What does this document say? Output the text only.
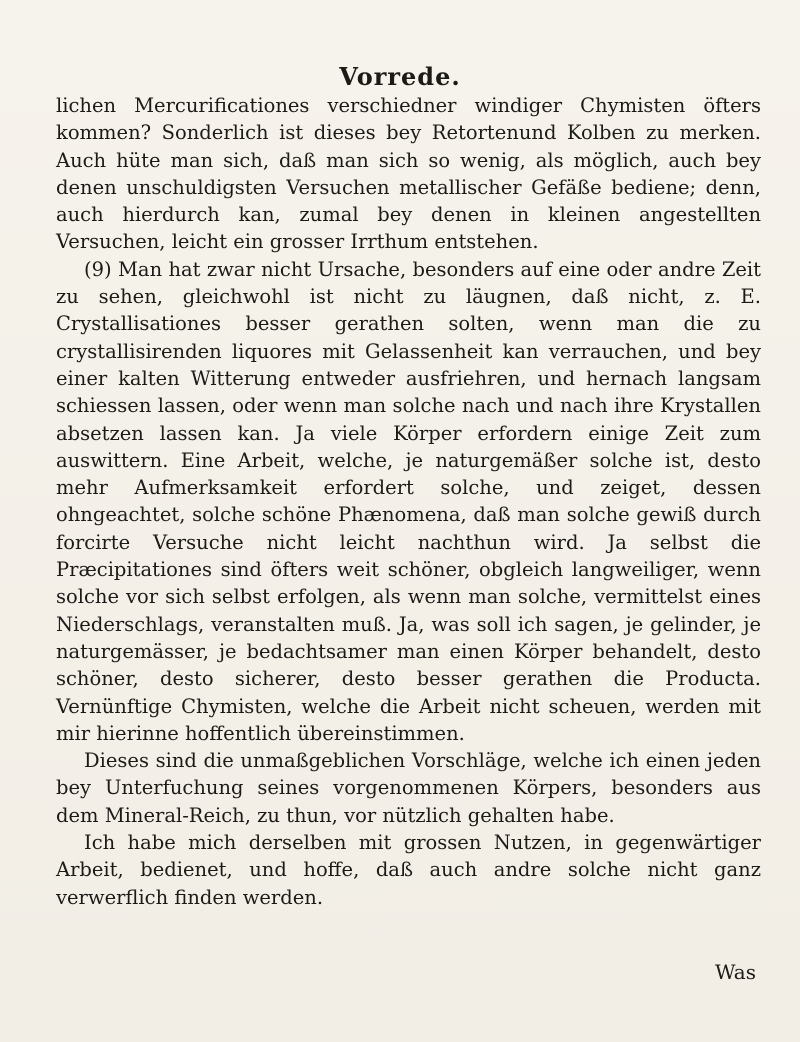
Vorrede.

lichen Mercurificationes verschiedner windiger Chymisten öfters kommen? Sonderlich ist dieses bey Retortenund Kolben zu merken. Auch hüte man sich, daß man sich so wenig, als möglich, auch bey denen unschuldigsten Versuchen metallischer Gefäße bediene; denn, auch hierdurch kan, zumal bey denen in kleinen angestellten Versuchen, leicht ein grosser Irrthum entstehen.

(9) Man hat zwar nicht Ursache, besonders auf eine oder andre Zeit zu sehen, gleichwohl ist nicht zu läugnen, daß nicht, z. E. Crystallisationes besser gerathen solten, wenn man die zu crystallisirenden liquores mit Gelassenheit kan verrauchen, und bey einer kalten Witterung entweder ausfriehren, und hernach langsam schiessen lassen, oder wenn man solche nach und nach ihre Krystallen absetzen lassen kan. Ja viele Körper erfordern einige Zeit zum auswittern. Eine Arbeit, welche, je naturgemäßer solche ist, desto mehr Aufmerksamkeit erfordert solche, und zeiget, dessen ohngeachtet, solche schöne Phænomena, daß man solche gewiß durch forcirte Versuche nicht leicht nachthun wird. Ja selbst die Præcipitationes sind öfters weit schöner, obgleich langweiliger, wenn solche vor sich selbst erfolgen, als wenn man solche, vermittelst eines Niederschlags, veranstalten muß. Ja, was soll ich sagen, je gelinder, je naturgemässer, je bedachtsamer man einen Körper behandelt, desto schöner, desto sicherer, desto besser gerathen die Producta. Vernünftige Chymisten, welche die Arbeit nicht scheuen, werden mit mir hierinne hoffentlich übereinstimmen.

Dieses sind die unmaßgeblichen Vorschläge, welche ich einen jeden bey Unterfuchung seines vorgenommenen Körpers, besonders aus dem Mineral-Reich, zu thun, vor nützlich gehalten habe.

Ich habe mich derselben mit grossen Nutzen, in gegenwärtiger Arbeit, bedienet, und hoffe, daß auch andre solche nicht ganz verwerflich finden werden.

Was
